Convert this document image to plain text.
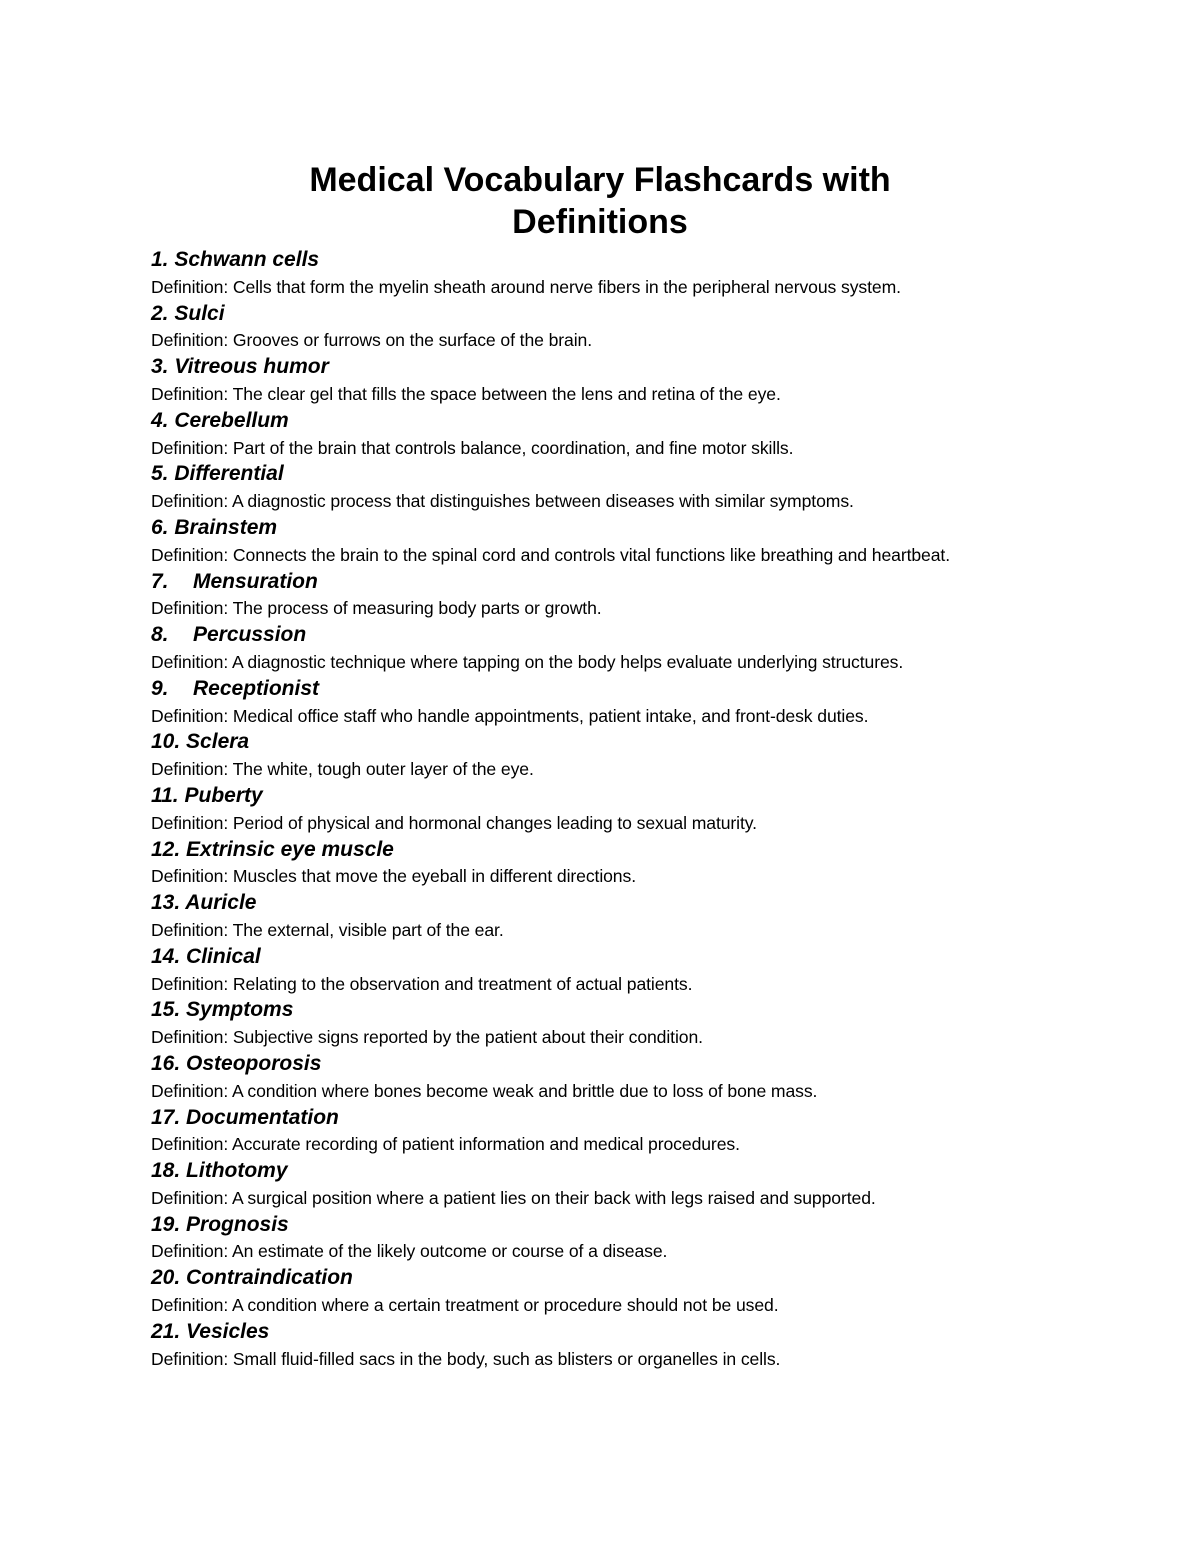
Medical Vocabulary Flashcards with
Definitions
1. Schwann cells
Definition: Cells that form the myelin sheath around nerve fibers in the peripheral nervous system.
2. Sulci
Definition: Grooves or furrows on the surface of the brain.
3. Vitreous humor
Definition: The clear gel that fills the space between the lens and retina of the eye.
4. Cerebellum
Definition: Part of the brain that controls balance, coordination, and fine motor skills.
5. Differential
Definition: A diagnostic process that distinguishes between diseases with similar symptoms.
6. Brainstem
Definition: Connects the brain to the spinal cord and controls vital functions like breathing and heartbeat.
7. Mensuration
Definition: The process of measuring body parts or growth.
8. Percussion
Definition: A diagnostic technique where tapping on the body helps evaluate underlying structures.
9. Receptionist
Definition: Medical office staff who handle appointments, patient intake, and front-desk duties.
10. Sclera
Definition: The white, tough outer layer of the eye.
11. Puberty
Definition: Period of physical and hormonal changes leading to sexual maturity.
12. Extrinsic eye muscle
Definition: Muscles that move the eyeball in different directions.
13. Auricle
Definition: The external, visible part of the ear.
14. Clinical
Definition: Relating to the observation and treatment of actual patients.
15. Symptoms
Definition: Subjective signs reported by the patient about their condition.
16. Osteoporosis
Definition: A condition where bones become weak and brittle due to loss of bone mass.
17. Documentation
Definition: Accurate recording of patient information and medical procedures.
18. Lithotomy
Definition: A surgical position where a patient lies on their back with legs raised and supported.
19. Prognosis
Definition: An estimate of the likely outcome or course of a disease.
20. Contraindication
Definition: A condition where a certain treatment or procedure should not be used.
21. Vesicles
Definition: Small fluid-filled sacs in the body, such as blisters or organelles in cells.
